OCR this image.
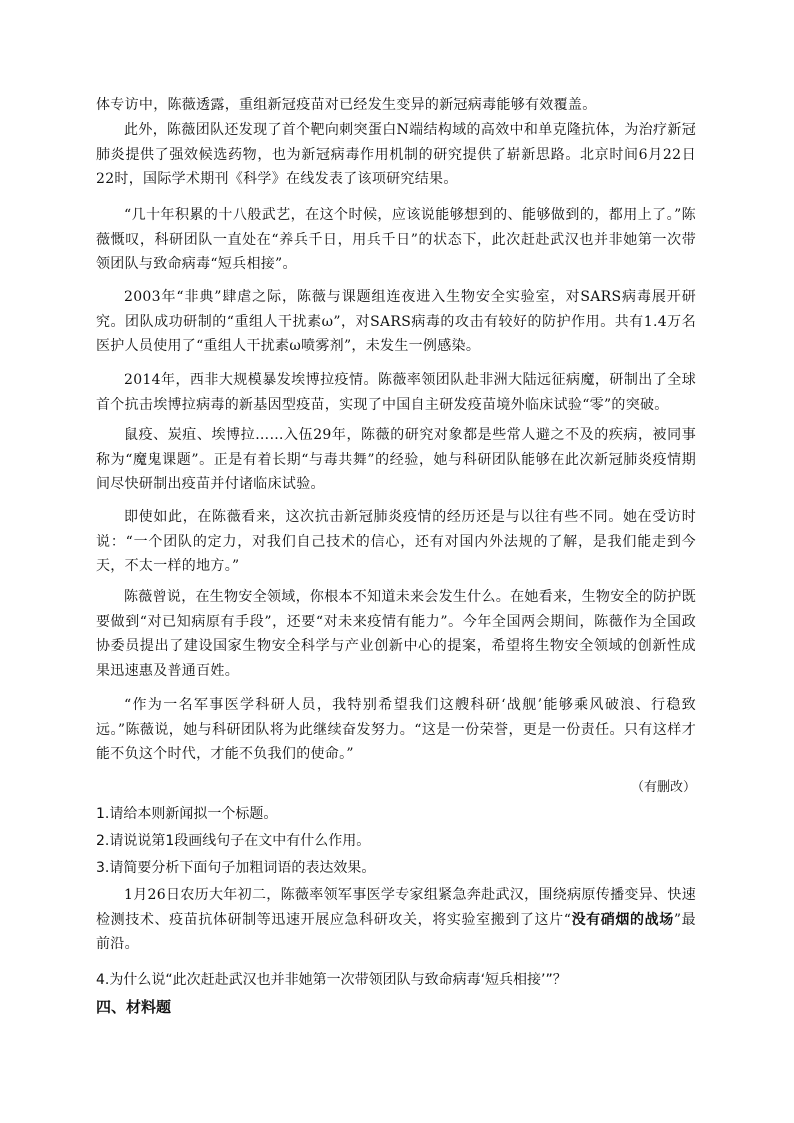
体专访中，陈薇透露，重组新冠疫苗对已经发生变异的新冠病毒能够有效覆盖。
此外，陈薇团队还发现了首个靶向刺突蛋白N端结构域的高效中和单克隆抗体，为治疗新冠肺炎提供了强效候选药物，也为新冠病毒作用机制的研究提供了崭新思路。北京时间6月22日22时，国际学术期刊《科学》在线发表了该项研究结果。
“几十年积累的十八般武艺，在这个时候，应该说能够想到的、能够做到的，都用上了。”陈薇慨叹，科研团队一直处在“养兵千日，用兵千日”的状态下，此次赶赴武汉也并非她第一次带领团队与致命病毒“短兵相接”。
2003年“非典”肆虐之际，陈薇与课题组连夜进入生物安全实验室，对SARS病毒展开研究。团队成功研制的“重组人干扰素ω”，对SARS病毒的攻击有较好的防护作用。共有1.4万名医护人员使用了“重组人干扰素ω喷雾剂”，未发生一例感染。
2014年，西非大规模暴发埃博拉疫情。陈薇率领团队赴非洲大陆远征病魔，研制出了全球首个抗击埃博拉病毒的新基因型疫苗，实现了中国自主研发疫苗境外临床试验“零”的突破。
鼠疫、炭疽、埃博拉……入伍29年，陈薇的研究对象都是些常人避之不及的疾病，被同事称为“魔鬼课题”。正是有着长期“与毒共舞”的经验，她与科研团队能够在此次新冠肺炎疫情期间尽快研制出疫苗并付诸临床试验。
即使如此，在陈薇看来，这次抗击新冠肺炎疫情的经历还是与以往有些不同。她在受访时说：“一个团队的定力，对我们自己技术的信心，还有对国内外法规的了解，是我们能走到今天，不太一样的地方。”
陈薇曾说，在生物安全领域，你根本不知道未来会发生什么。在她看来，生物安全的防护既要做到“对已知病原有手段”，还要“对未来疫情有能力”。今年全国两会期间，陈薇作为全国政协委员提出了建设国家生物安全科学与产业创新中心的提案，希望将生物安全领域的创新性成果迅速惠及普通百姓。
“作为一名军事医学科研人员，我特别希望我们这艘科研‘战舰’能够乘风破浪、行稳致远。”陈薇说，她与科研团队将为此继续奋发努力。“这是一份荣誉，更是一份责任。只有这样才能不负这个时代，才能不负我们的使命。”
（有删改）
1.请给本则新闻拟一个标题。
2.请说说第1段画线句子在文中有什么作用。
3.请简要分析下面句子加粗词语的表达效果。
1月26日农历大年初二，陈薇率领军事医学专家组紧急奔赴武汉，围绕病原传播变异、快速检测技术、疫苗抗体研制等迅速开展应急科研攻关，将实验室搬到了这片“没有硝烟的战场”最前沿。
4.为什么说“此次赶赴武汉也并非她第一次带领团队与致命病毒‘短兵相接’”？
四、材料题
